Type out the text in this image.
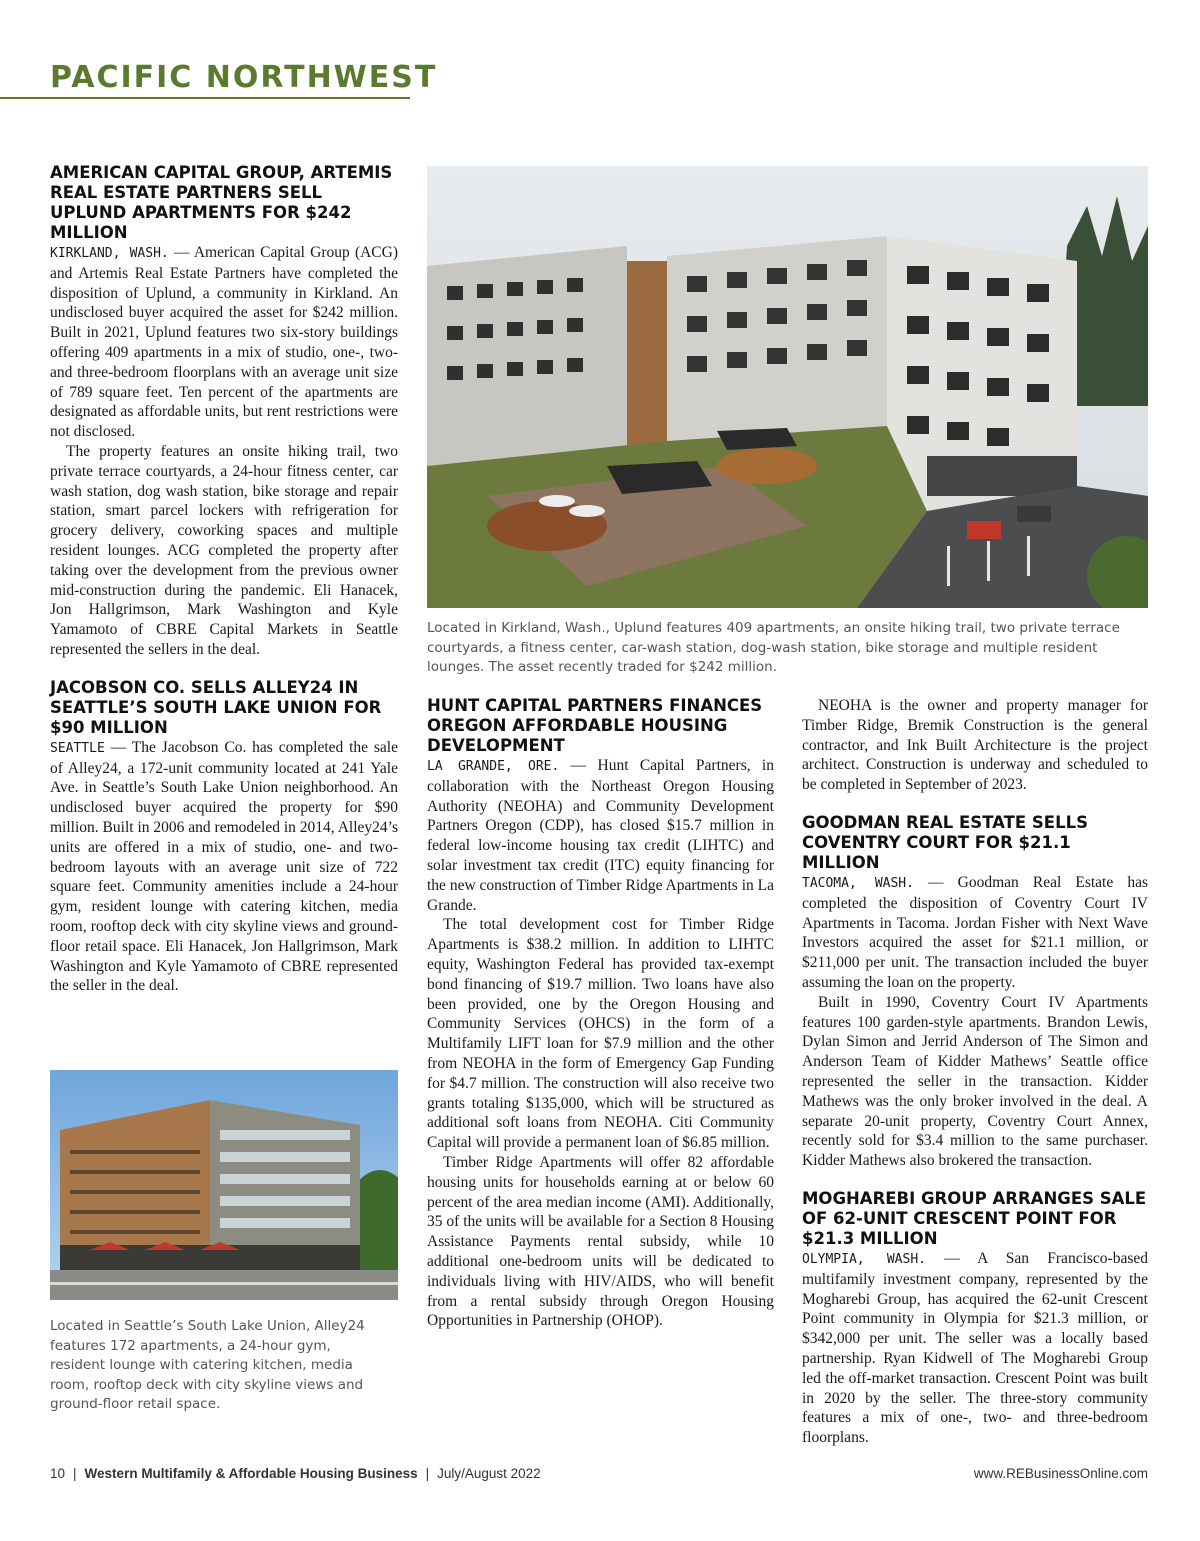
PACIFIC NORTHWEST
AMERICAN CAPITAL GROUP, ARTEMIS REAL ESTATE PARTNERS SELL UPLUND APARTMENTS FOR $242 MILLION

KIRKLAND, WASH. — American Capital Group (ACG) and Artemis Real Estate Partners have completed the disposition of Uplund, a community in Kirkland. An undisclosed buyer acquired the asset for $242 million. Built in 2021, Uplund features two six-story buildings offering 409 apartments in a mix of studio, one-, two- and three-bedroom floorplans with an average unit size of 789 square feet. Ten percent of the apartments are designated as affordable units, but rent restrictions were not disclosed.

The property features an onsite hiking trail, two private terrace courtyards, a 24-hour fitness center, car wash station, dog wash station, bike storage and repair station, smart parcel lockers with refrigeration for grocery delivery, coworking spaces and multiple resident lounges. ACG completed the property after taking over the development from the previous owner mid-construction during the pandemic. Eli Hanacek, Jon Hallgrimson, Mark Washington and Kyle Yamamoto of CBRE Capital Markets in Seattle represented the sellers in the deal.

JACOBSON CO. SELLS ALLEY24 IN SEATTLE’S SOUTH LAKE UNION FOR $90 MILLION

SEATTLE — The Jacobson Co. has completed the sale of Alley24, a 172-unit community located at 241 Yale Ave. in Seattle’s South Lake Union neighborhood. An undisclosed buyer acquired the property for $90 million. Built in 2006 and remodeled in 2014, Alley24’s units are offered in a mix of studio, one- and two-bedroom layouts with an average unit size of 722 square feet. Community amenities include a 24-hour gym, resident lounge with catering kitchen, media room, rooftop deck with city skyline views and ground-floor retail space. Eli Hanacek, Jon Hallgrimson, Mark Washington and Kyle Yamamoto of CBRE represented the seller in the deal.

Located in Seattle’s South Lake Union, Alley24 features 172 apartments, a 24-hour gym, resident lounge with catering kitchen, media room, rooftop deck with city skyline views and ground-floor retail space.

Located in Kirkland, Wash., Uplund features 409 apartments, an onsite hiking trail, two private terrace courtyards, a fitness center, car-wash station, dog-wash station, bike storage and multiple resident lounges. The asset recently traded for $242 million.

HUNT CAPITAL PARTNERS FINANCES OREGON AFFORDABLE HOUSING DEVELOPMENT

LA GRANDE, ORE. — Hunt Capital Partners, in collaboration with the Northeast Oregon Housing Authority (NEOHA) and Community Development Partners Oregon (CDP), has closed $15.7 million in federal low-income housing tax credit (LIHTC) and solar investment tax credit (ITC) equity financing for the new construction of Timber Ridge Apartments in La Grande.

The total development cost for Timber Ridge Apartments is $38.2 million. In addition to LIHTC equity, Washington Federal has provided tax-exempt bond financing of $19.7 million. Two loans have also been provided, one by the Oregon Housing and Community Services (OHCS) in the form of a Multifamily LIFT loan for $7.9 million and the other from NEOHA in the form of Emergency Gap Funding for $4.7 million. The construction will also receive two grants totaling $135,000, which will be structured as additional soft loans from NEOHA. Citi Community Capital will provide a permanent loan of $6.85 million.

Timber Ridge Apartments will offer 82 affordable housing units for households earning at or below 60 percent of the area median income (AMI). Additionally, 35 of the units will be available for a Section 8 Housing Assistance Payments rental subsidy, while 10 additional one-bedroom units will be dedicated to individuals living with HIV/AIDS, who will benefit from a rental subsidy through Oregon Housing Opportunities in Partnership (OHOP).

NEOHA is the owner and property manager for Timber Ridge, Bremik Construction is the general contractor, and Ink Built Architecture is the project architect. Construction is underway and scheduled to be completed in September of 2023.

GOODMAN REAL ESTATE SELLS COVENTRY COURT FOR $21.1 MILLION

TACOMA, WASH. — Goodman Real Estate has completed the disposition of Coventry Court IV Apartments in Tacoma. Jordan Fisher with Next Wave Investors acquired the asset for $21.1 million, or $211,000 per unit. The transaction included the buyer assuming the loan on the property.

Built in 1990, Coventry Court IV Apartments features 100 garden-style apartments. Brandon Lewis, Dylan Simon and Jerrid Anderson of The Simon and Anderson Team of Kidder Mathews’ Seattle office represented the seller in the transaction. Kidder Mathews was the only broker involved in the deal. A separate 20-unit property, Coventry Court Annex, recently sold for $3.4 million to the same purchaser. Kidder Mathews also brokered the transaction.

MOGHAREBI GROUP ARRANGES SALE OF 62-UNIT CRESCENT POINT FOR $21.3 MILLION

OLYMPIA, WASH. — A San Francisco-based multifamily investment company, represented by the Mogharebi Group, has acquired the 62-unit Crescent Point community in Olympia for $21.3 million, or $342,000 per unit. The seller was a locally based partnership. Ryan Kidwell of The Mogharebi Group led the off-market transaction. Crescent Point was built in 2020 by the seller. The three-story community features a mix of one-, two- and three-bedroom floorplans.

10 | Western Multifamily & Affordable Housing Business | July/August 2022	www.REBusinessOnline.com
